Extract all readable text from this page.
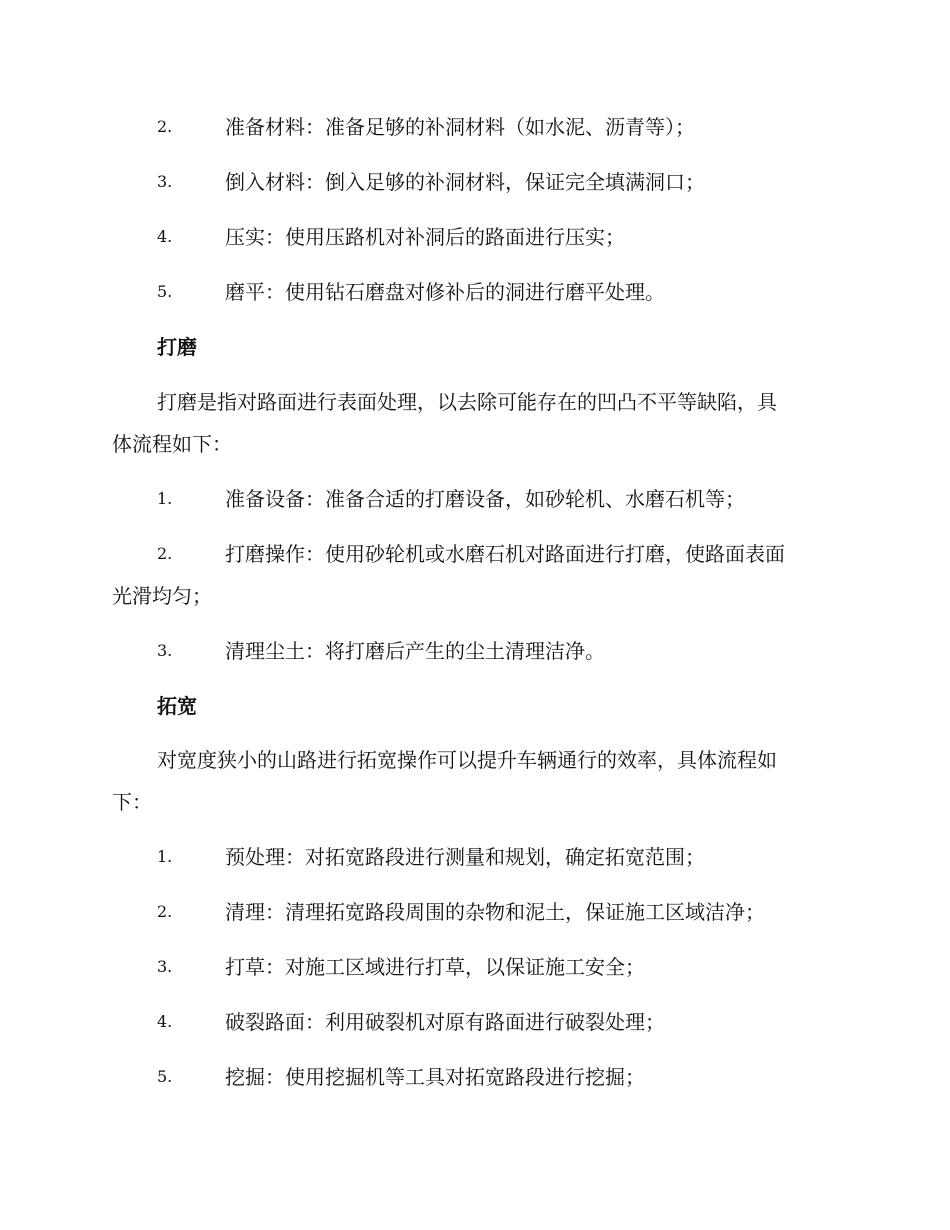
2.	准备材料：准备足够的补洞材料（如水泥、沥青等）；
3.	倒入材料：倒入足够的补洞材料，保证完全填满洞口；
4.	压实：使用压路机对补洞后的路面进行压实；
5.	磨平：使用钻石磨盘对修补后的洞进行磨平处理。
打磨
打磨是指对路面进行表面处理，以去除可能存在的凹凸不平等缺陷，具
体流程如下：
1.	准备设备：准备合适的打磨设备，如砂轮机、水磨石机等；
2.	打磨操作：使用砂轮机或水磨石机对路面进行打磨，使路面表面
光滑均匀；
3.	清理尘土：将打磨后产生的尘土清理洁净。
拓宽
对宽度狭小的山路进行拓宽操作可以提升车辆通行的效率，具体流程如
下：
1.	预处理：对拓宽路段进行测量和规划，确定拓宽范围；
2.	清理：清理拓宽路段周围的杂物和泥土，保证施工区域洁净；
3.	打草：对施工区域进行打草，以保证施工安全；
4.	破裂路面：利用破裂机对原有路面进行破裂处理；
5.	挖掘：使用挖掘机等工具对拓宽路段进行挖掘；
